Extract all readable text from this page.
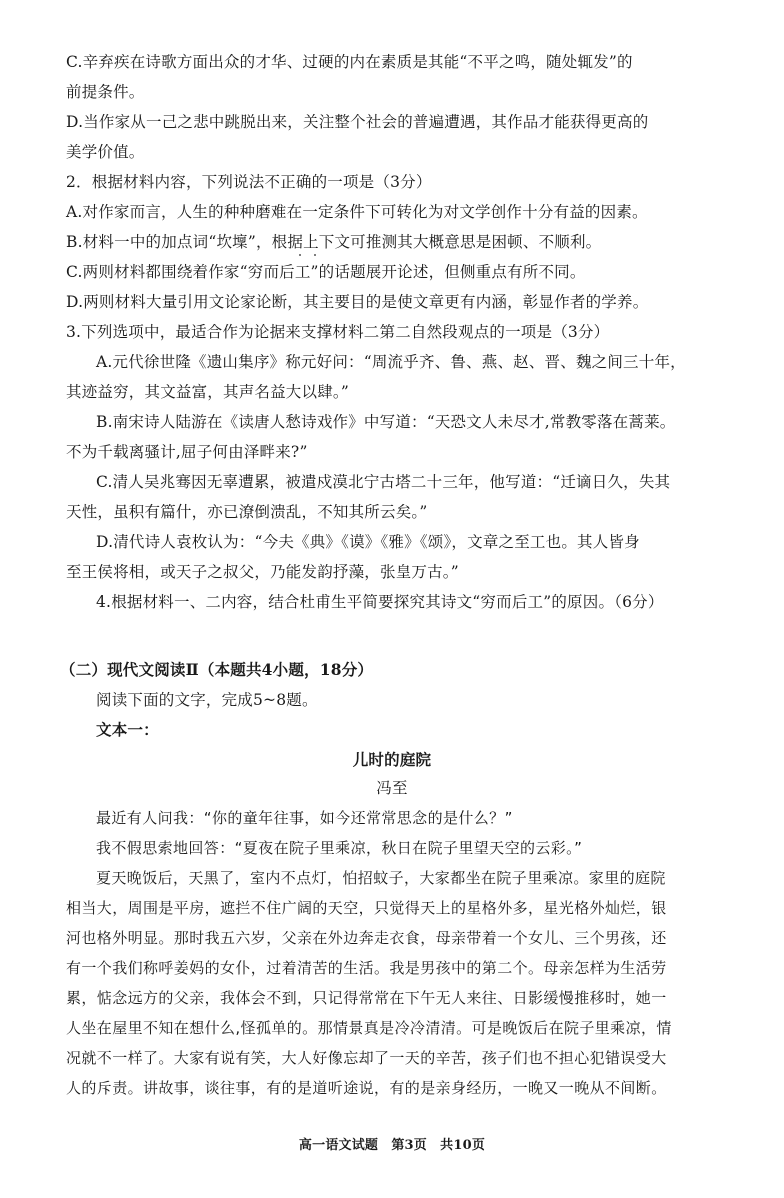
C.辛弃疾在诗歌方面出众的才华、过硬的内在素质是其能“不平之鸣，随处辄发”的
前提条件。
D.当作家从一己之悲中跳脱出来，关注整个社会的普遍遭遇，其作品才能获得更高的
美学价值。
2．根据材料内容，下列说法不正确的一项是（3分）
A.对作家而言，人生的种种磨难在一定条件下可转化为对文学创作十分有益的因素。
B.材料一中的加点词“坎壈”，根据上下文可推测其大概意思是困顿、不顺利。
C.两则材料都围绕着作家“穷而后工”的话题展开论述，但侧重点有所不同。
D.两则材料大量引用文论家论断，其主要目的是使文章更有内涵，彰显作者的学养。
3.下列选项中，最适合作为论据来支撑材料二第二自然段观点的一项是（3分）
A.元代徐世隆《遗山集序》称元好问：“周流乎齐、鲁、燕、赵、晋、魏之间三十年，
其迹益穷，其文益富，其声名益大以肆。”
B.南宋诗人陆游在《读唐人愁诗戏作》中写道：“天恐文人未尽才,常教零落在蒿莱。
不为千载离骚计,屈子何由泽畔来?”
C.清人吴兆骞因无辜遭累，被遣戍漠北宁古塔二十三年，他写道：“迁谪日久，失其
天性，虽积有篇什，亦已潦倒溃乱，不知其所云矣。”
D.清代诗人袁枚认为：“今夫《典》《谟》《雅》《颂》，文章之至工也。其人皆身
至王侯将相，或天子之叔父，乃能发韵抒藻，张皇万古。”
4.根据材料一、二内容，结合杜甫生平简要探究其诗文“穷而后工”的原因。（6分）
（二）现代文阅读Ⅱ（本题共4小题，18分）
阅读下面的文字，完成5~8题。
文本一：
儿时的庭院
冯至
最近有人问我：“你的童年往事，如今还常常思念的是什么？”
我不假思索地回答：“夏夜在院子里乘凉，秋日在院子里望天空的云彩。”
夏天晚饭后，天黑了，室内不点灯，怕招蚊子，大家都坐在院子里乘凉。家里的庭院
相当大，周围是平房，遮拦不住广阔的天空，只觉得天上的星格外多，星光格外灿烂，银
河也格外明显。那时我五六岁，父亲在外边奔走衣食，母亲带着一个女儿、三个男孩，还
有一个我们称呼姜妈的女仆，过着清苦的生活。我是男孩中的第二个。母亲怎样为生活劳
累，惦念远方的父亲，我体会不到，只记得常常在下午无人来往、日影缓慢推移时，她一
人坐在屋里不知在想什么,怪孤单的。那情景真是冷冷清清。可是晚饭后在院子里乘凉，情
况就不一样了。大家有说有笑，大人好像忘却了一天的辛苦，孩子们也不担心犯错误受大
人的斥责。讲故事，谈往事，有的是道听途说，有的是亲身经历，一晚又一晚从不间断。
高一语文试题　第3页　共10页
